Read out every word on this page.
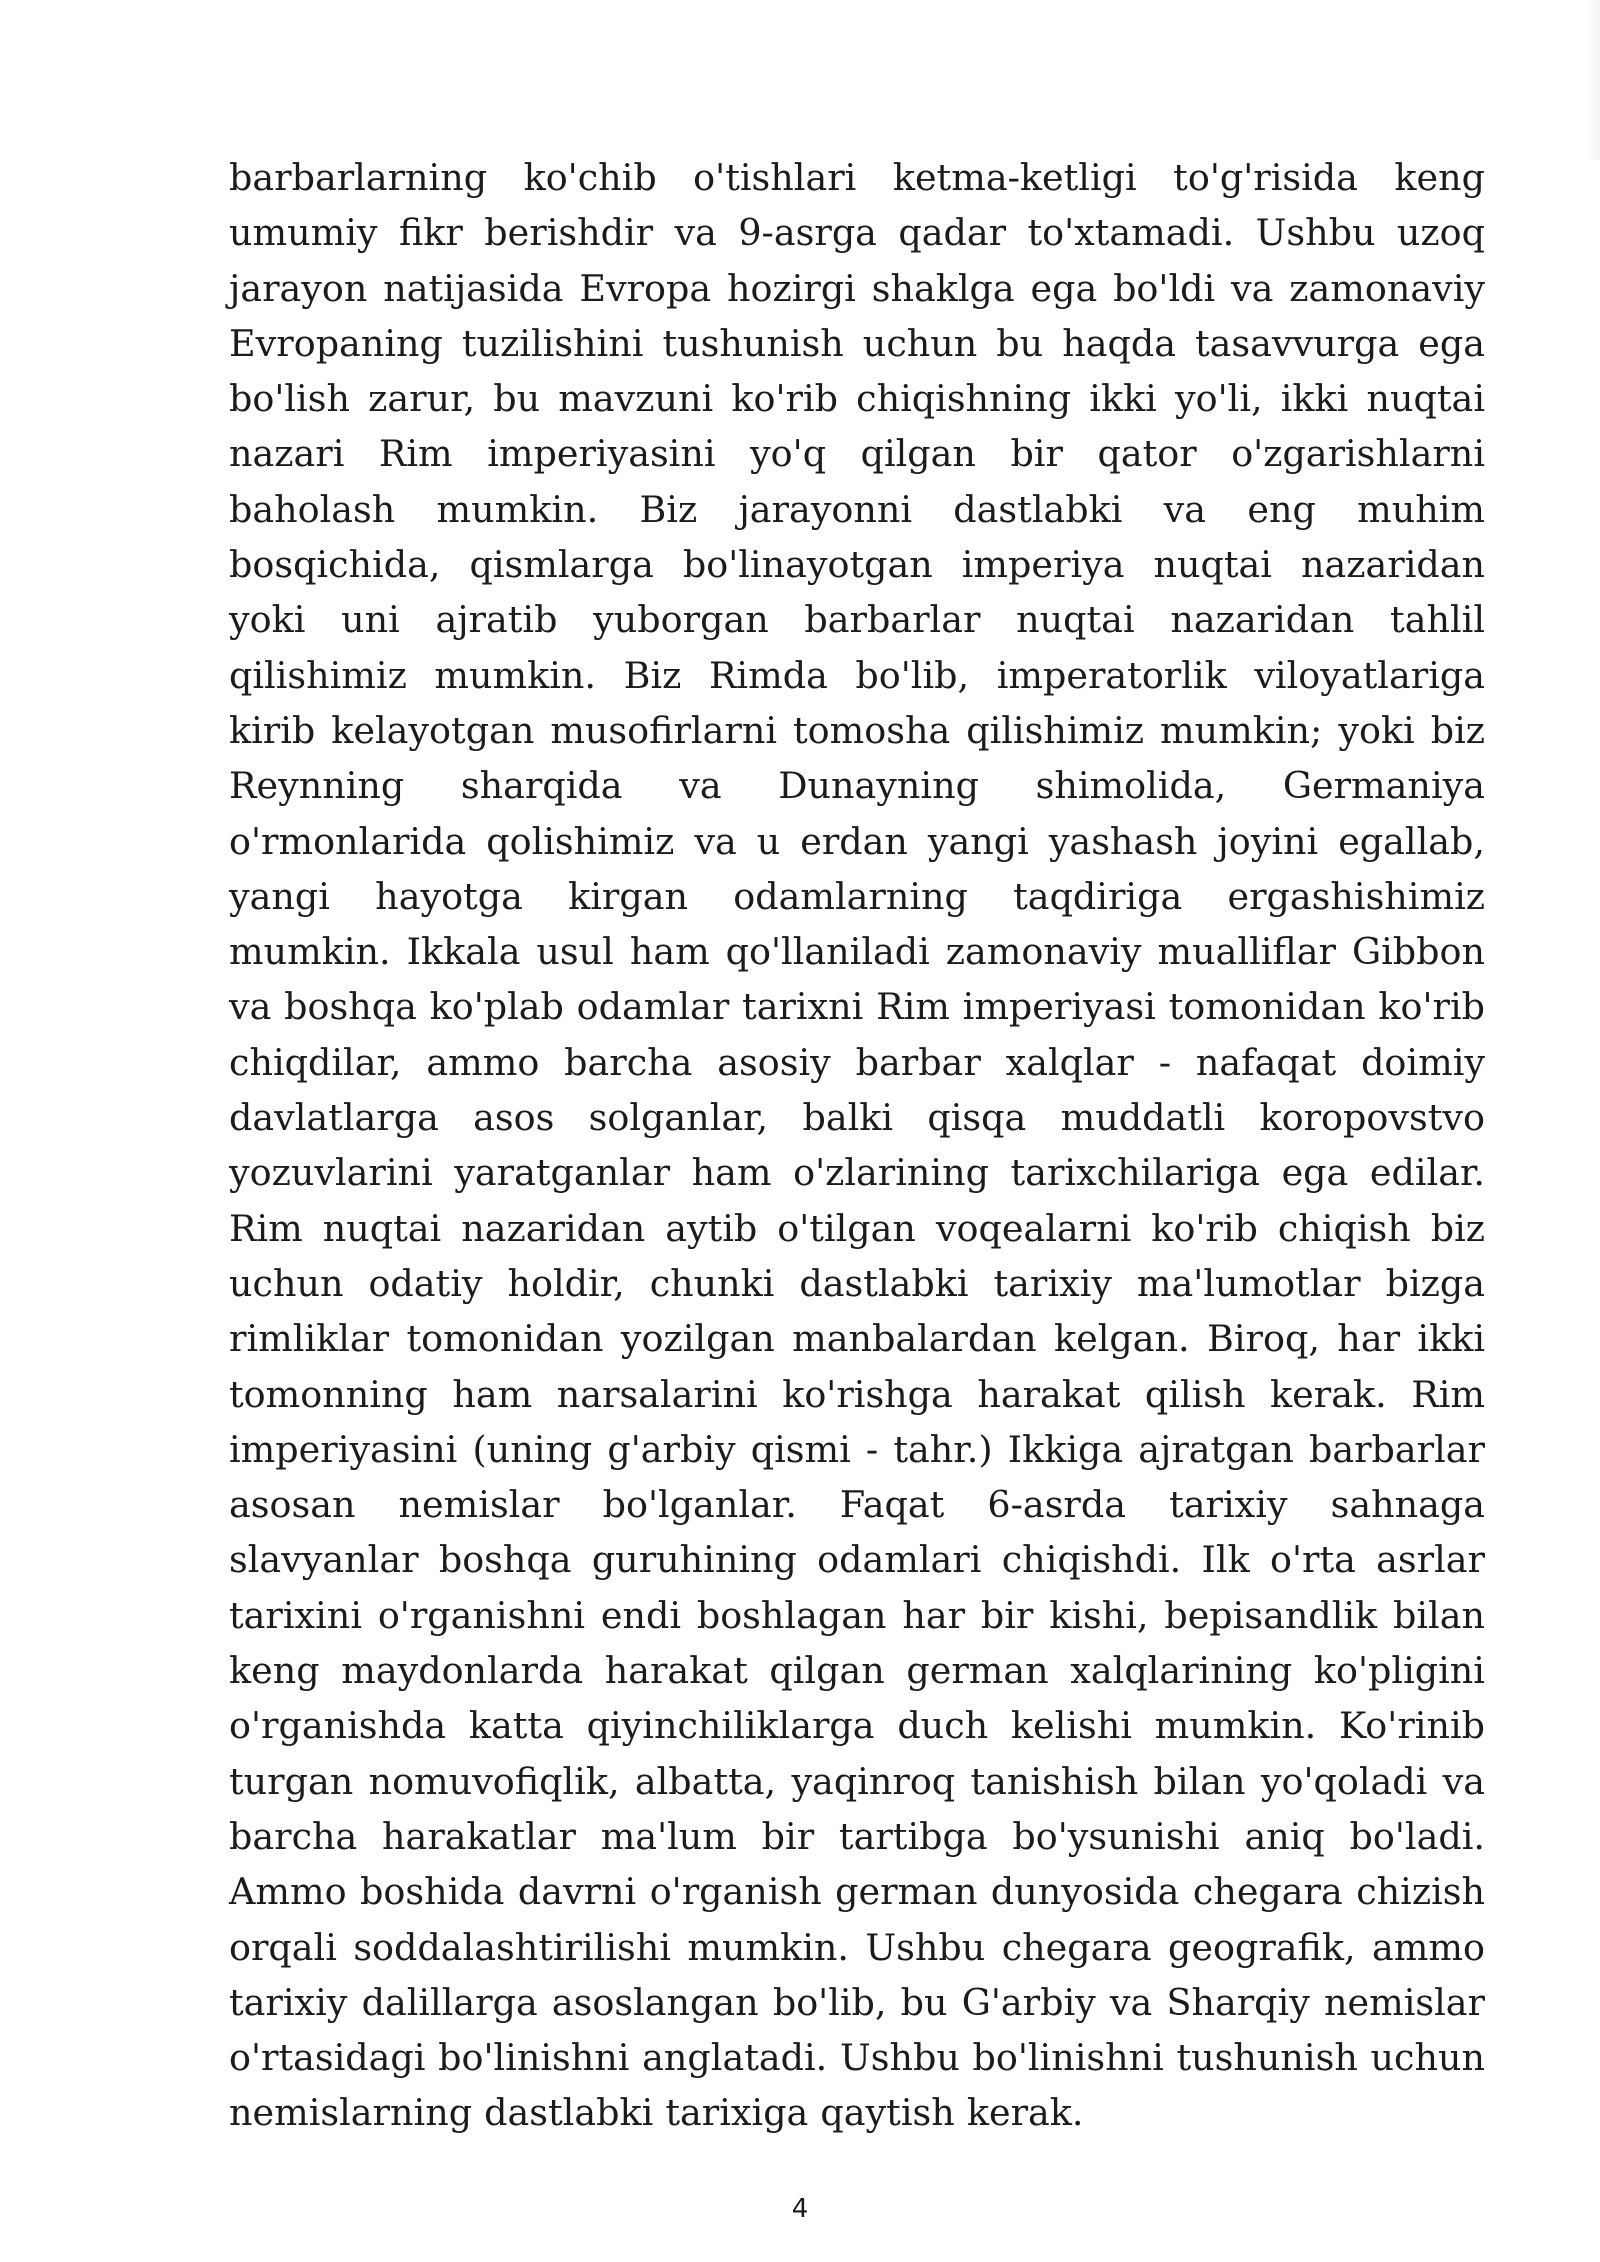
barbarlarning ko'chib o'tishlari ketma-ketligi to'g'risida keng umumiy fikr berishdir va 9-asrga qadar to'xtamadi. Ushbu uzoq jarayon natijasida Evropa hozirgi shaklga ega bo'ldi va zamonaviy Evropaning tuzilishini tushunish uchun bu haqda tasavvurga ega bo'lish zarur, bu mavzuni ko'rib chiqishning ikki yo'li, ikki nuqtai nazari Rim imperiyasini yo'q qilgan bir qator o'zgarishlarni baholash mumkin. Biz jarayonni dastlabki va eng muhim bosqichida, qismlarga bo'linayotgan imperiya nuqtai nazaridan yoki uni ajratib yuborgan barbarlar nuqtai nazaridan tahlil qilishimiz mumkin. Biz Rimda bo'lib, imperatorlik viloyatlariga kirib kelayotgan musofirlarni tomosha qilishimiz mumkin; yoki biz Reynning sharqida va Dunayning shimolida, Germaniya o'rmonlarida qolishimiz va u erdan yangi yashash joyini egallab, yangi hayotga kirgan odamlarning taqdiriga ergashishimiz mumkin. Ikkala usul ham qo'llaniladi zamonaviy mualliflar Gibbon va boshqa ko'plab odamlar tarixni Rim imperiyasi tomonidan ko'rib chiqdilar, ammo barcha asosiy barbar xalqlar - nafaqat doimiy davlatlarga asos solganlar, balki qisqa muddatli koropovstvo yozuvlarini yaratganlar ham o'zlarining tarixchilariga ega edilar. Rim nuqtai nazaridan aytib o'tilgan voqealarni ko'rib chiqish biz uchun odatiy holdir, chunki dastlabki tarixiy ma'lumotlar bizga rimliklar tomonidan yozilgan manbalardan kelgan. Biroq, har ikki tomonning ham narsalarini ko'rishga harakat qilish kerak. Rim imperiyasini (uning g'arbiy qismi - tahr.) Ikkiga ajratgan barbarlar asosan nemislar bo'lganlar. Faqat 6-asrda tarixiy sahnaga slavyanlar boshqa guruhining odamlari chiqishdi. Ilk o'rta asrlar tarixini o'rganishni endi boshlagan har bir kishi, bepisandlik bilan keng maydonlarda harakat qilgan german xalqlarining ko'pligini o'rganishda katta qiyinchiliklarga duch kelishi mumkin. Ko'rinib turgan nomuvofiqlik, albatta, yaqinroq tanishish bilan yo'qoladi va barcha harakatlar ma'lum bir tartibga bo'ysunishi aniq bo'ladi. Ammo boshida davrni o'rganish german dunyosida chegara chizish orqali soddalashtirilishi mumkin. Ushbu chegara geografik, ammo tarixiy dalillarga asoslangan bo'lib, bu G'arbiy va Sharqiy nemislar o'rtasidagi bo'linishni anglatadi. Ushbu bo'linishni tushunish uchun nemislarning dastlabki tarixiga qaytish kerak.

4
